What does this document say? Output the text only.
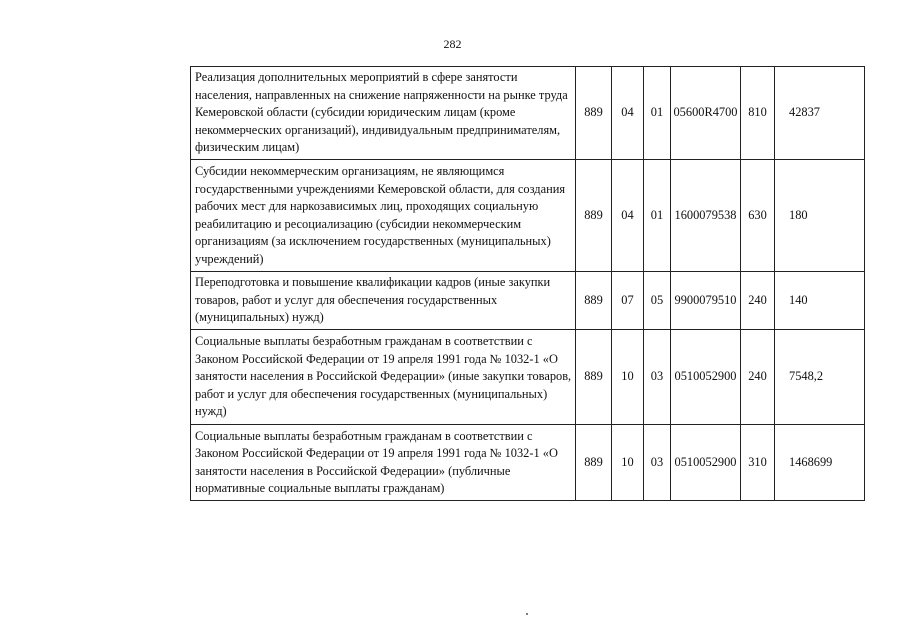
282
Реализация дополнительных мероприятий в сфере занятости населения, направленных на снижение напряженности на рынке труда Кемеровской области (субсидии юридическим лицам (кроме некоммерческих организаций), индивидуальным предпринимателям, физическим лицам)	889	04	01	05600R4700	810	42837
Субсидии некоммерческим организациям, не являющимся государственными учреждениями Кемеровской области, для создания рабочих мест для наркозависимых лиц, проходящих социальную реабилитацию и ресоциализацию (субсидии некоммерческим организациям (за исключением государственных (муниципальных) учреждений)	889	04	01	1600079538	630	180
Переподготовка и повышение квалификации кадров (иные закупки товаров, работ и услуг для обеспечения государственных (муниципальных) нужд)	889	07	05	9900079510	240	140
Социальные выплаты безработным гражданам в соответствии с Законом Российской Федерации от 19 апреля 1991 года № 1032-1 «О занятости населения в Российской Федерации» (иные закупки товаров, работ и услуг для обеспечения государственных (муниципальных) нужд)	889	10	03	0510052900	240	7548,2
Социальные выплаты безработным гражданам в соответствии с Законом Российской Федерации от 19 апреля 1991 года № 1032-1 «О занятости населения в Российской Федерации» (публичные нормативные социальные выплаты гражданам)	889	10	03	0510052900	310	1468699
